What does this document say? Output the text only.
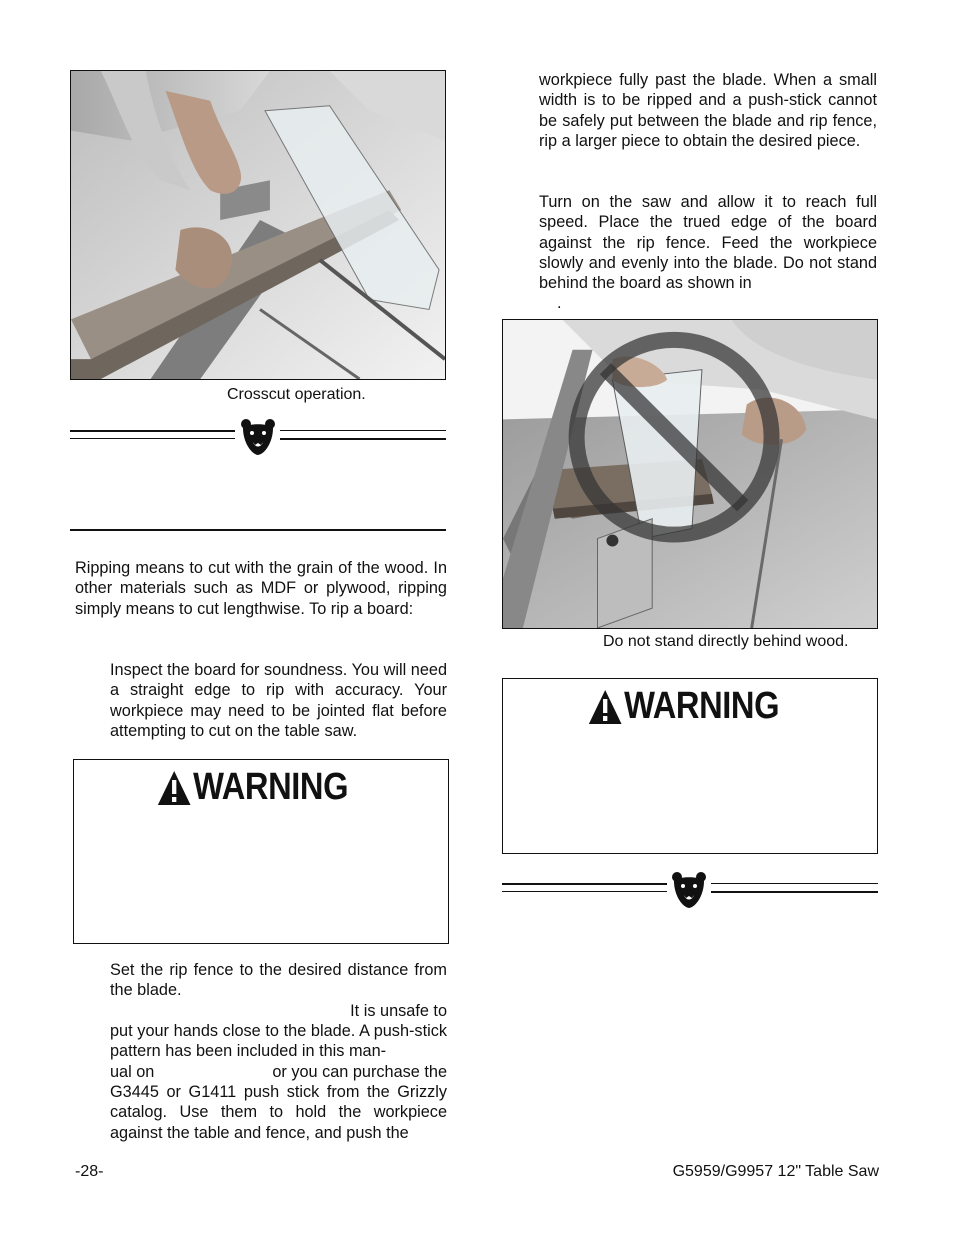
Crosscut operation.
Ripping means to cut with the grain of the wood. In other materials such as MDF or plywood, ripping simply means to cut lengthwise. To rip a board:
Inspect the board for soundness. You will need a straight edge to rip with accuracy. Your workpiece may need to be jointed flat before attempting to cut on the table saw.
WARNING
Set the rip fence to the desired distance from the blade.
It is unsafe to
put your hands close to the blade. A push-stick pattern has been included in this man-
ual on	or you can purchase the
G3445 or G1411 push stick from the Grizzly catalog. Use them to hold the workpiece against the table and fence, and push the
workpiece fully past the blade. When a small width is to be ripped and a push-stick cannot be safely put between the blade and rip fence, rip a larger piece to obtain the desired piece.
Turn on the saw and allow it to reach full speed. Place the trued edge of the board against the rip fence. Feed the workpiece slowly and evenly into the blade. Do not stand behind the board as shown in
.
Do not stand directly behind wood.
WARNING
-28-	G5959/G9957 12" Table Saw
